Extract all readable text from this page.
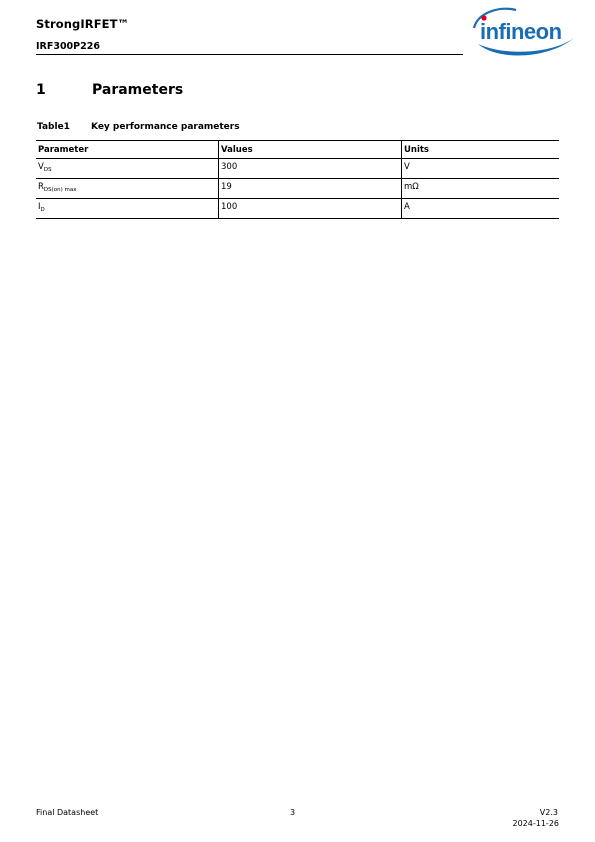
StrongIRFET™
IRF300P226
infineon
1	Parameters
Table1 Key performance parameters
Parameter	Values	Units
$V_{DS}$	300	V
$R_{DS(on) max}$	19	mΩ
$I_D$	100	A
Final Datasheet	3	V2.3
2024-11-26
